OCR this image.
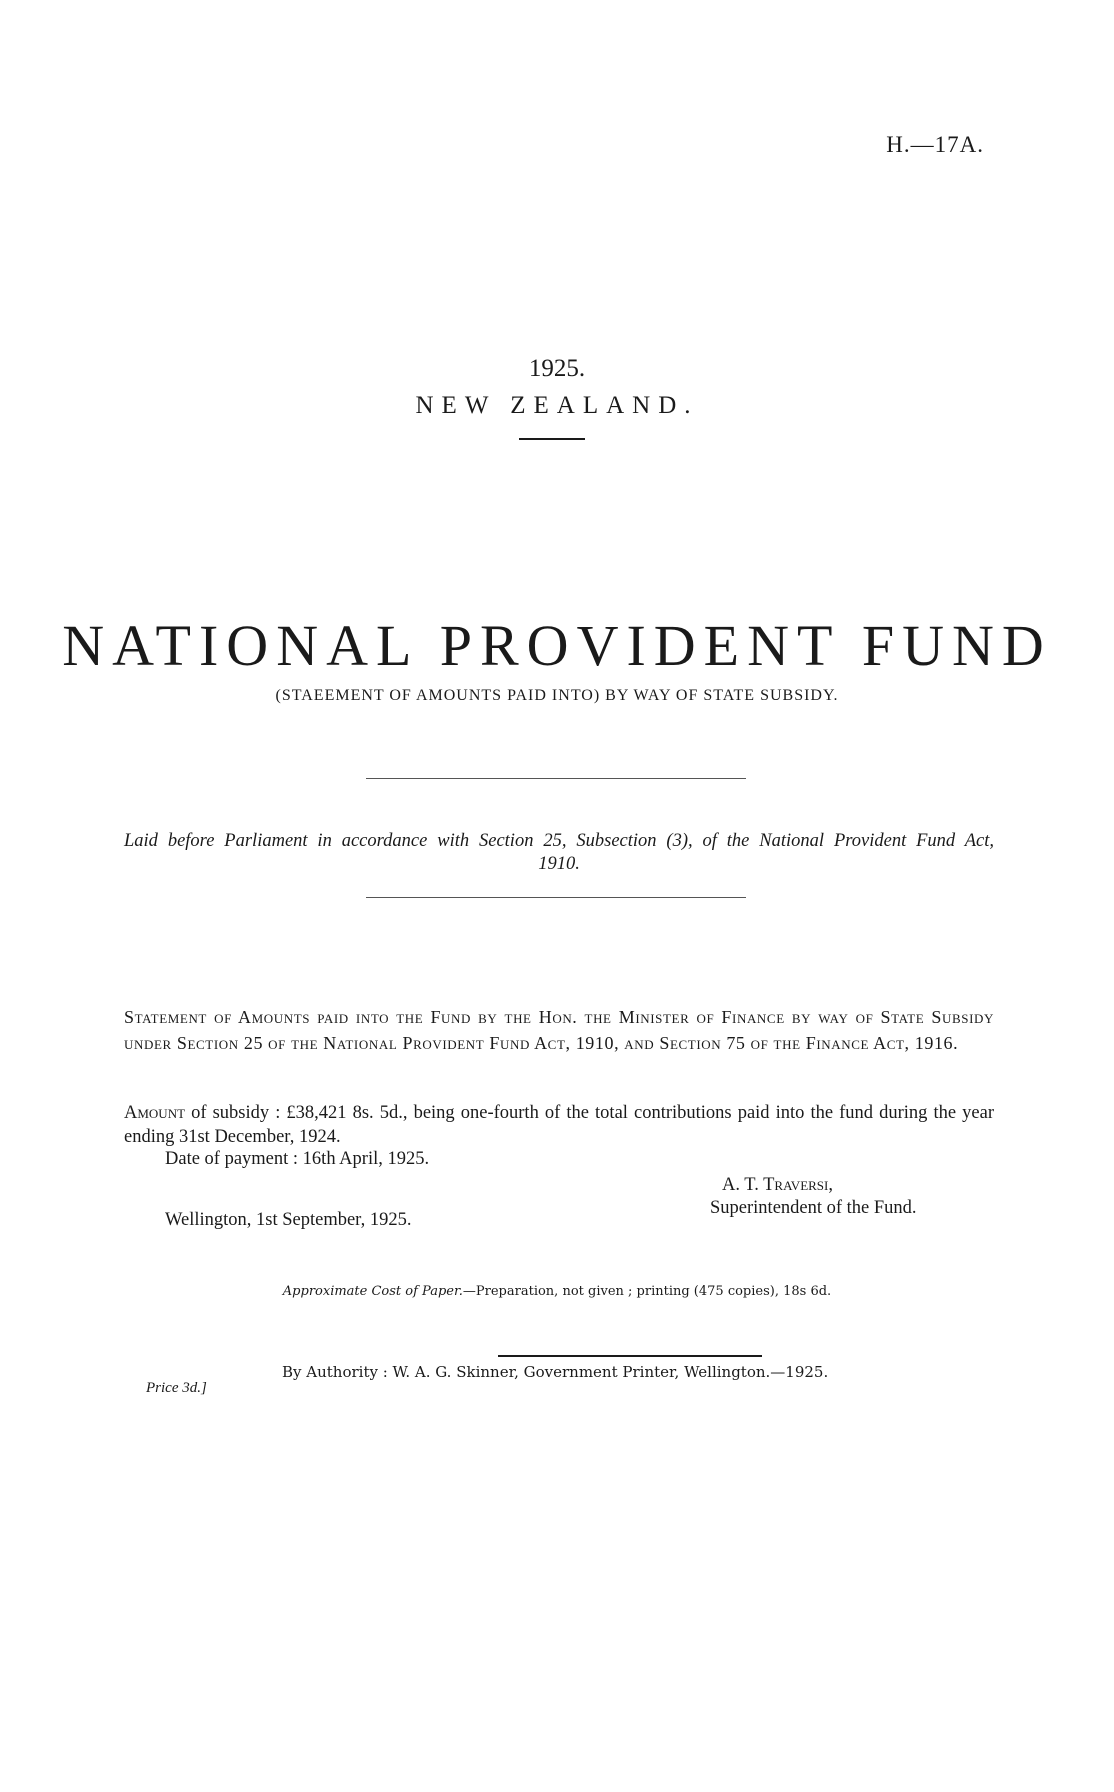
H.—17A.
1925.
NEW ZEALAND.
NATIONAL PROVIDENT FUND
(STAEEMENT OF AMOUNTS PAID INTO) BY WAY OF STATE SUBSIDY.
Laid before Parliament in accordance with Section 25, Subsection (3), of the National Provident Fund Act, 1910.
Statement of Amounts paid into the Fund by the Hon. the Minister of Finance by way of State Subsidy under Section 25 of the National Provident Fund Act, 1910, and Section 75 of the Finance Act, 1916.
Amount of subsidy : £38,421 8s. 5d., being one-fourth of the total contributions paid into the fund during the year ending 31st December, 1924.
Date of payment : 16th April, 1925.
A. T. Traversi,
Superintendent of the Fund.
Wellington, 1st September, 1925.
Approximate Cost of Paper.—Preparation, not given ; printing (475 copies), 18s 6d.
By Authority : W. A. G. Skinner, Government Printer, Wellington.—1925.
Price 3d.]
